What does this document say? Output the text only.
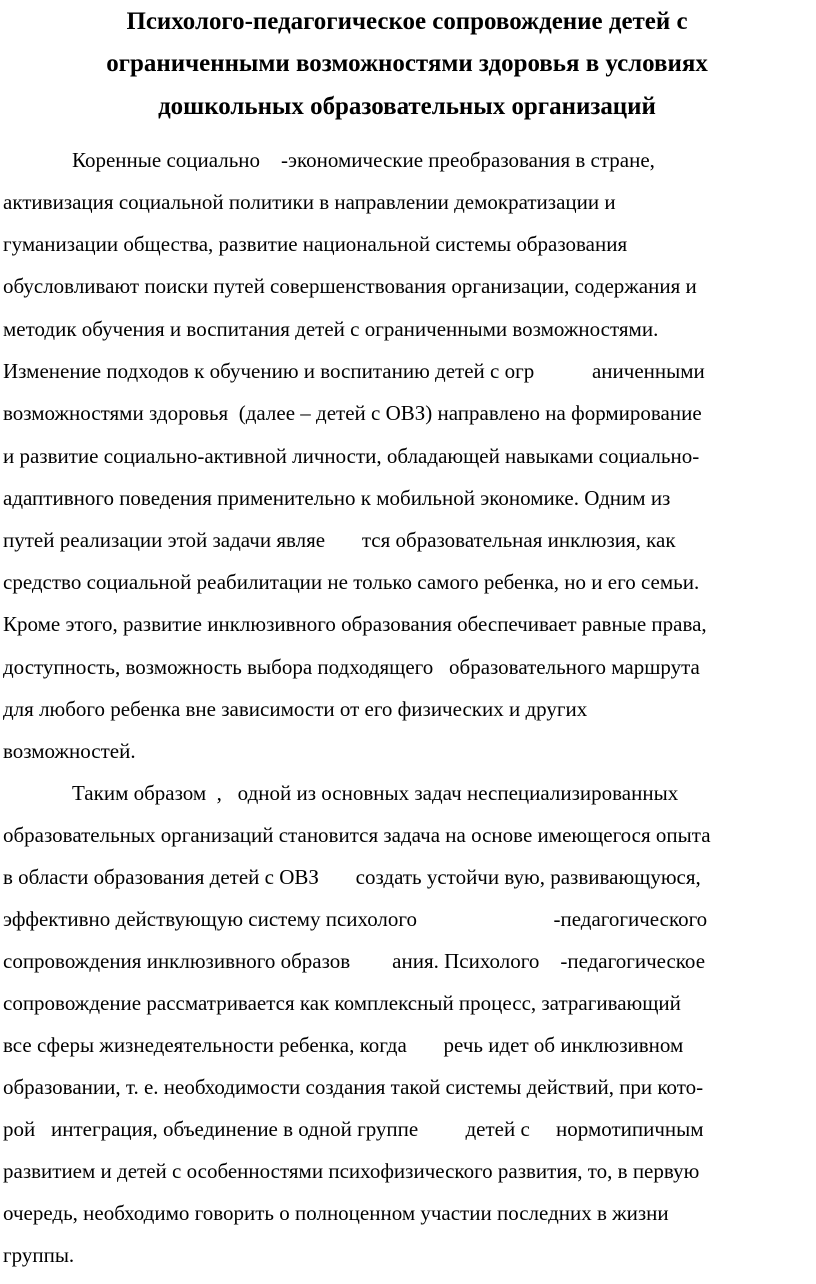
Психолого-педагогическое сопровождение детей с
ограниченными возможностями здоровья в условиях
дошкольных образовательных организаций
Коренные социально    -экономические преобразования в стране,
активизация социальной политики в направлении демократизации и
гуманизации общества, развитие национальной системы образования
обусловливают поиски путей совершенствования организации, содержания и
методик обучения и воспитания детей с ограниченными возможностями.
Изменение подходов к обучению и воспитанию детей с огр           аниченными
возможностями здоровья  (далее – детей с ОВЗ) направлено на формирование
и развитие социально-активной личности, обладающей навыками социально-
адаптивного поведения применительно к мобильной экономике. Одним из
путей реализации этой задачи являе       тся образовательная инклюзия, как
средство социальной реабилитации не только самого ребенка, но и его семьи.
Кроме этого, развитие инклюзивного образования обеспечивает равные права,
доступность, возможность выбора подходящего   образовательного маршрута
для любого ребенка вне зависимости от его физических и других
возможностей.
Таким образом  ,   одной из основных задач неспециализированных
образовательных организаций становится задача на основе имеющегося опыта
в области образования детей с ОВЗ       создать устойчи вую, развивающуюся,
эффективно действующую систему психолого                          -педагогического
сопровождения инклюзивного образов        ания. Психолого    -педагогическое
сопровождение рассматривается как комплексный процесс, затрагивающий
все сферы жизнедеятельности ребенка, когда       речь идет об инклюзивном
образовании, т. е. необходимости создания такой системы действий, при кото-
рой   интеграция, объединение в одной группе         детей с     нормотипичным
развитием и детей с особенностями психофизического развития, то, в первую
очередь, необходимо говорить о полноценном участии последних в жизни
группы.
